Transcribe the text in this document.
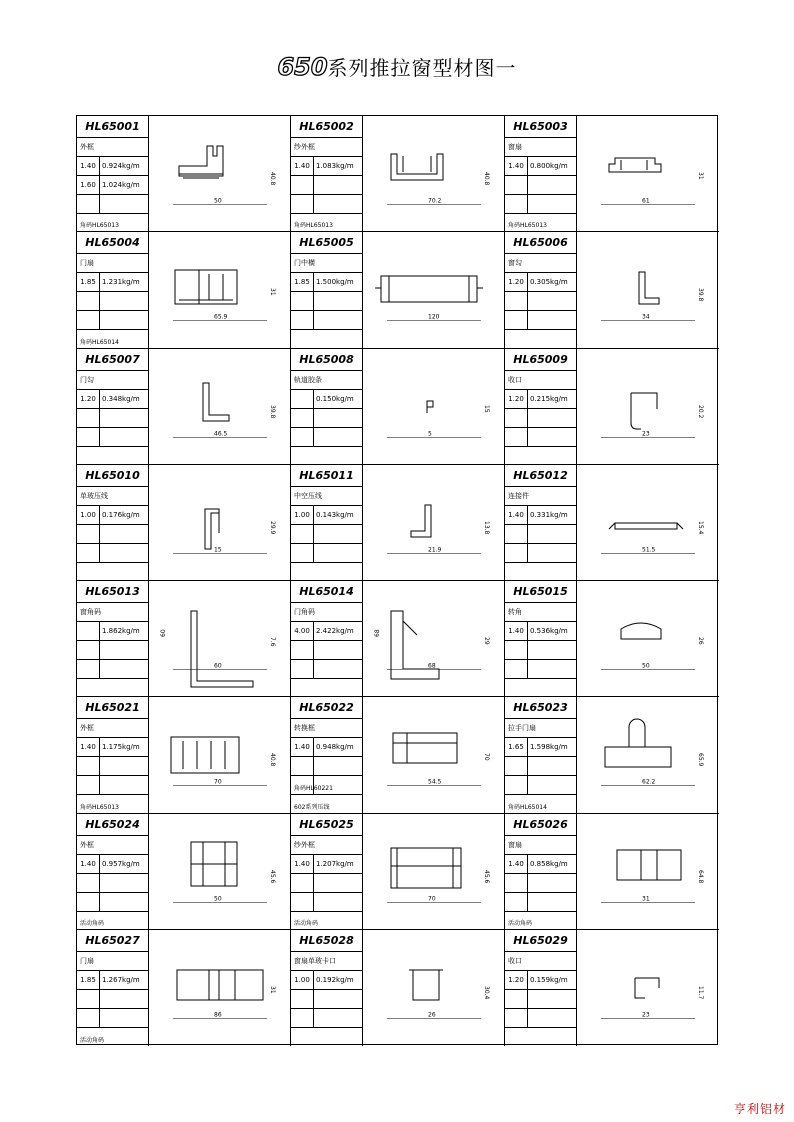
650系列推拉窗型材图一
HL65001
外框
1.40 0.924kg/m
1.60 1.024kg/m
角码HL65013
50
40.8
HL65002
纱外框
1.40 1.083kg/m
角码HL65013
70.2
40.8
HL65003
窗扇
1.40 0.800kg/m
角码HL65013
61
31
HL65004
门扇
1.85 1.231kg/m
角码HL65014
65.9
31
HL65005
门中横
1.85 1.500kg/m
120
HL65006
窗勾
1.20 0.305kg/m
34
39.8
HL65007
门勾
1.20 0.348kg/m
46.5
39.8
HL65008
轨道胶条
0.150kg/m
5
15
HL65009
收口
1.20 0.215kg/m
23
20.2
HL65010
单玻压线
1.00 0.176kg/m
15
29.9
HL65011
中空压线
1.00 0.143kg/m
21.9
13.8
HL65012
连接件
1.40 0.331kg/m
51.5
15.4
HL65013
窗角码
1.862kg/m
60
7.6
60
HL65014
门角码
4.00 2.422kg/m
68
29
68
HL65015
转角
1.40 0.536kg/m
50
26
HL65021
外框
1.40 1.175kg/m
角码HL65013
70
40.8
HL65022
转换框
1.40 0.948kg/m
角码HL60221
602系列压线
54.5
70
HL65023
拉手门扇
1.65 1.598kg/m
角码HL65014
62.2
65.9
HL65024
外框
1.40 0.957kg/m
活动角码
50
45.6
HL65025
纱外框
1.40 1.207kg/m
活动角码
70
45.6
HL65026
窗扇
1.40 0.858kg/m
活动角码
31
64.8
HL65027
门扇
1.85 1.267kg/m
活动角码
86
31
HL65028
窗扇单玻卡口
1.00 0.192kg/m
26
30.4
HL65029
收口
1.20 0.159kg/m
23
11.7
亨利铝材
